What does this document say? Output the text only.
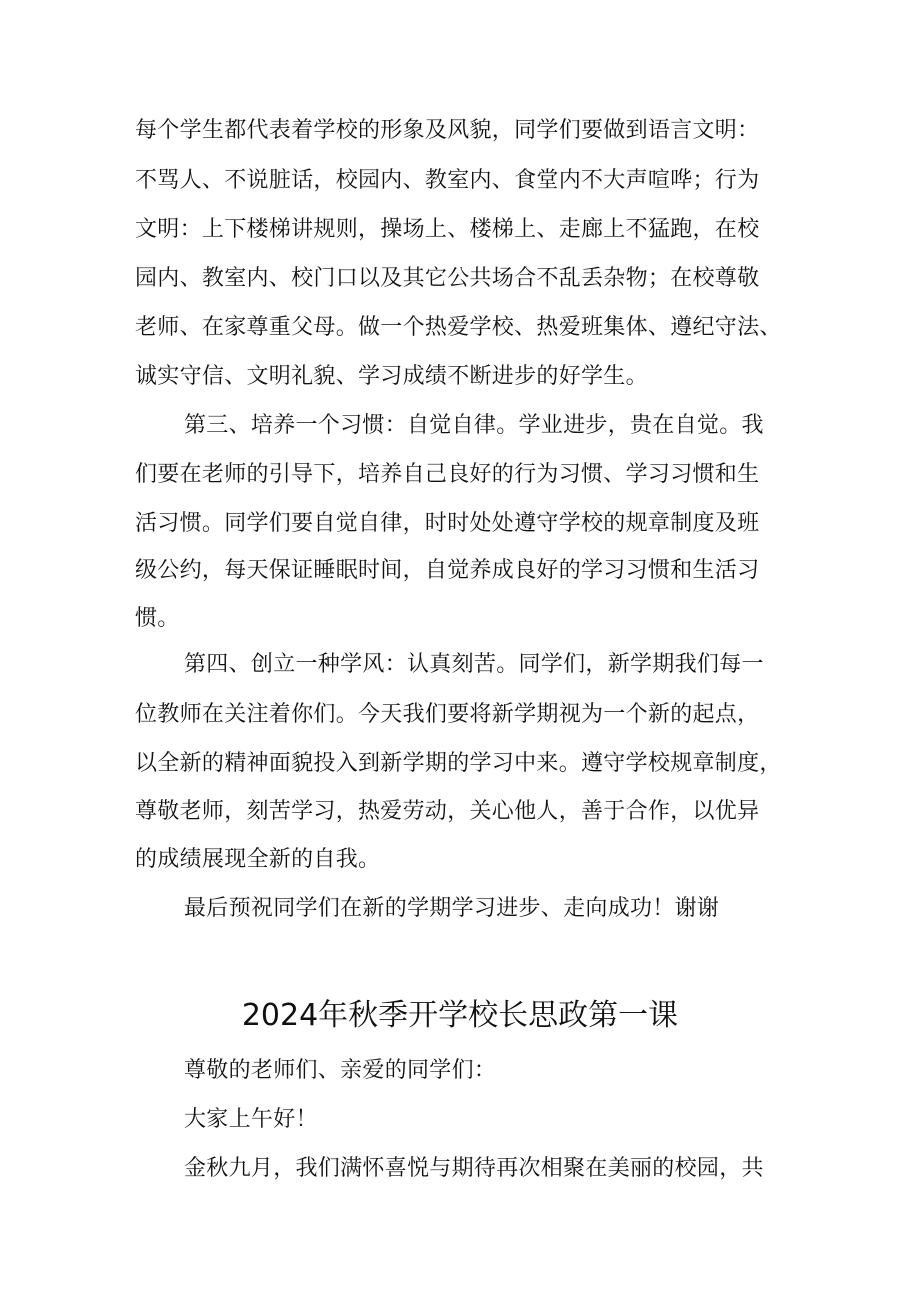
每个学生都代表着学校的形象及风貌，同学们要做到语言文明：
不骂人、不说脏话，校园内、教室内、食堂内不大声喧哗；行为
文明：上下楼梯讲规则，操场上、楼梯上、走廊上不猛跑，在校
园内、教室内、校门口以及其它公共场合不乱丢杂物；在校尊敬
老师、在家尊重父母。做一个热爱学校、热爱班集体、遵纪守法、
诚实守信、文明礼貌、学习成绩不断进步的好学生。
第三、培养一个习惯：自觉自律。学业进步，贵在自觉。我
们要在老师的引导下，培养自己良好的行为习惯、学习习惯和生
活习惯。同学们要自觉自律，时时处处遵守学校的规章制度及班
级公约，每天保证睡眠时间，自觉养成良好的学习习惯和生活习
惯。
第四、创立一种学风：认真刻苦。同学们，新学期我们每一
位教师在关注着你们。今天我们要将新学期视为一个新的起点，
以全新的精神面貌投入到新学期的学习中来。遵守学校规章制度，
尊敬老师，刻苦学习，热爱劳动，关心他人，善于合作，以优异
的成绩展现全新的自我。
最后预祝同学们在新的学期学习进步、走向成功！谢谢
2024年秋季开学校长思政第一课
尊敬的老师们、亲爱的同学们：
大家上午好！
金秋九月，我们满怀喜悦与期待再次相聚在美丽的校园，共
